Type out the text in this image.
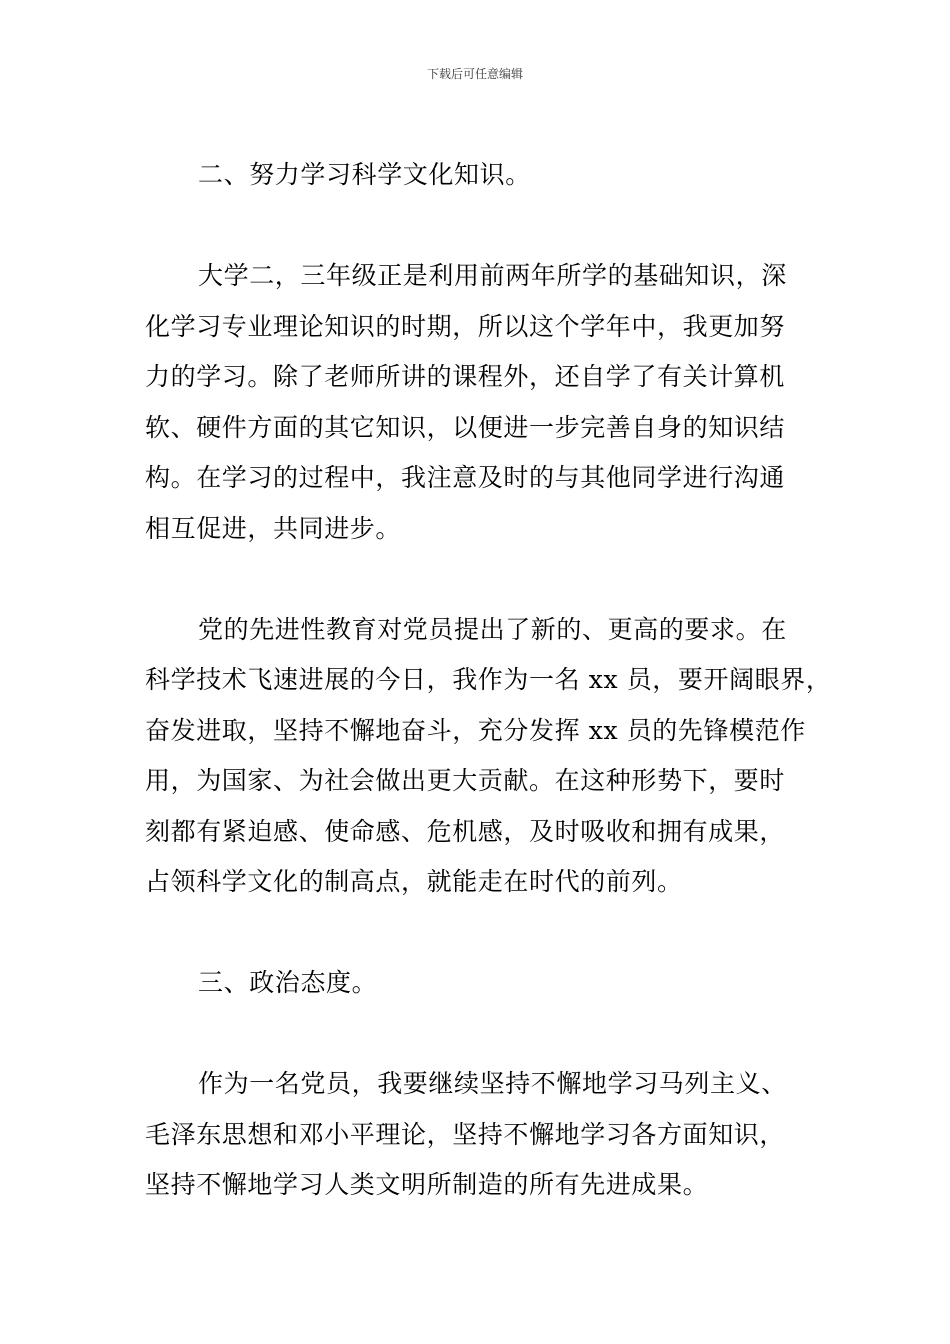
下载后可任意编辑
二、努力学习科学文化知识。
大学二，三年级正是利用前两年所学的基础知识，深
化学习专业理论知识的时期，所以这个学年中，我更加努
力的学习。除了老师所讲的课程外，还自学了有关计算机
软、硬件方面的其它知识，以便进一步完善自身的知识结
构。在学习的过程中，我注意及时的与其他同学进行沟通
相互促进，共同进步。
党的先进性教育对党员提出了新的、更高的要求。在
科学技术飞速进展的今日，我作为一名 xx 员，要开阔眼界，
奋发进取，坚持不懈地奋斗，充分发挥 xx 员的先锋模范作
用，为国家、为社会做出更大贡献。在这种形势下，要时
刻都有紧迫感、使命感、危机感，及时吸收和拥有成果，
占领科学文化的制高点，就能走在时代的前列。
三、政治态度。
作为一名党员，我要继续坚持不懈地学习马列主义、
毛泽东思想和邓小平理论，坚持不懈地学习各方面知识，
坚持不懈地学习人类文明所制造的所有先进成果。
